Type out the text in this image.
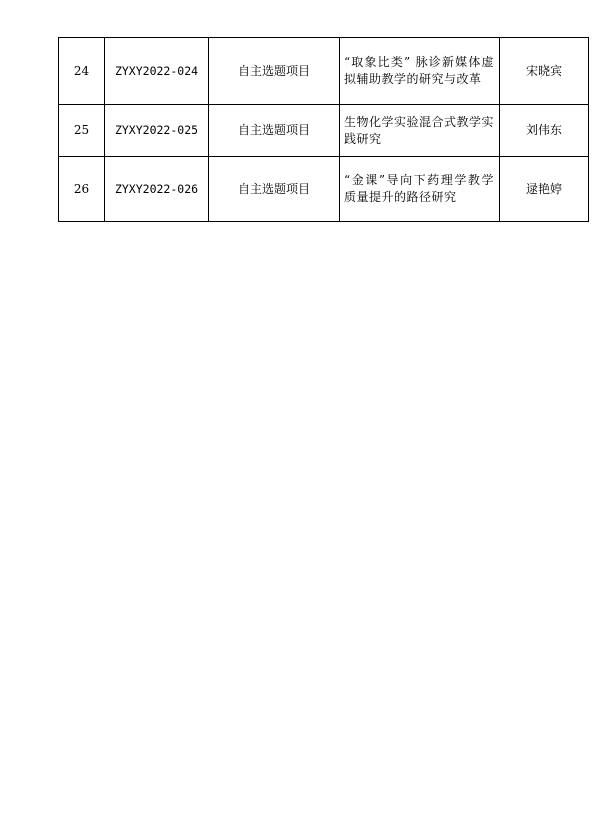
24	ZYXY2022-024	自主选题项目	“取象比类” 脉诊新媒体虚拟辅助教学的研究与改革	宋晓宾
25	ZYXY2022-025	自主选题项目	生物化学实验混合式教学实践研究	刘伟东
26	ZYXY2022-026	自主选题项目	“金课”导向下药理学教学质量提升的路径研究	逯艳婷
